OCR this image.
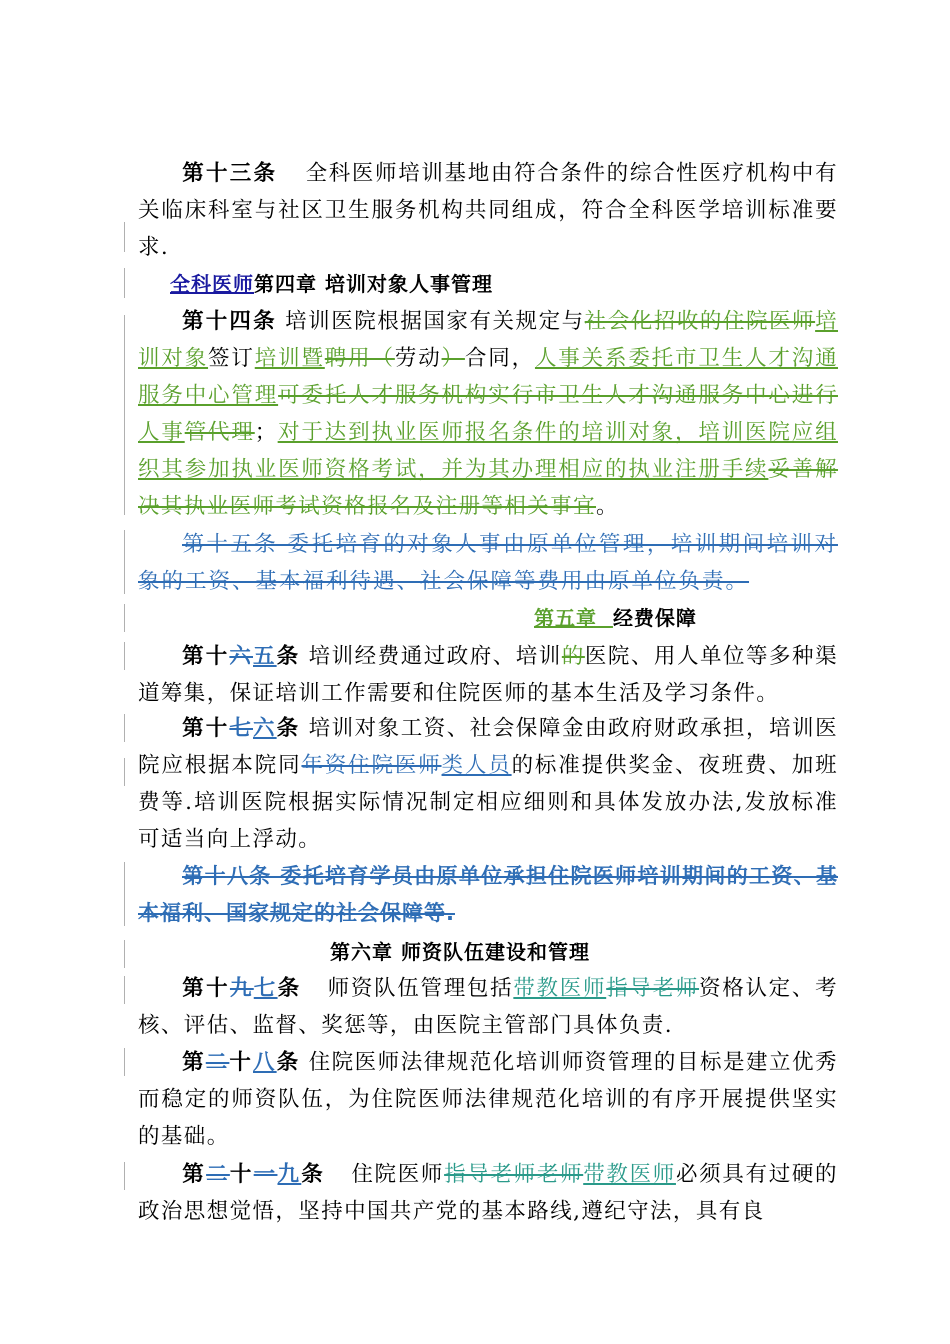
第十三条 全科医师培训基地由符合条件的综合性医疗机构中有关临床科室与社区卫生服务机构共同组成，符合全科医学培训标准要求.
全科医师第四章 培训对象人事管理
第十四条 培训医院根据国家有关规定与社会化招收的住院医师培训对象签订培训暨聘用（劳动）合同，人事关系委托市卫生人才沟通服务中心管理可委托人才服务机构实行市卫生人才沟通服务中心进行人事管代理；对于达到执业医师报名条件的培训对象，培训医院应组织其参加执业医师资格考试，并为其办理相应的执业注册手续妥善解决其执业医师考试资格报名及注册等相关事宜。
第十五条 委托培育的对象人事由原单位管理，培训期间培训对象的工资、基本福利待遇、社会保障等费用由原单位负责。
第五章 经费保障
第十六五条 培训经费通过政府、培训的医院、用人单位等多种渠道筹集，保证培训工作需要和住院医师的基本生活及学习条件。
第十七六条 培训对象工资、社会保障金由政府财政承担，培训医院应根据本院同年资住院医师类人员的标准提供奖金、夜班费、加班费等.培训医院根据实际情况制定相应细则和具体发放办法,发放标准可适当向上浮动。
第十八条 委托培育学员由原单位承担住院医师培训期间的工资、基本福利、国家规定的社会保障等.
第六章 师资队伍建设和管理
第十九七条 师资队伍管理包括带教医师指导老师资格认定、考核、评估、监督、奖惩等，由医院主管部门具体负责.
第二十八条 住院医师法律规范化培训师资管理的目标是建立优秀而稳定的师资队伍，为住院医师法律规范化培训的有序开展提供坚实的基础。
第二十一九条 住院医师指导老师老师带教医师必须具有过硬的政治思想觉悟，坚持中国共产党的基本路线,遵纪守法，具有良
